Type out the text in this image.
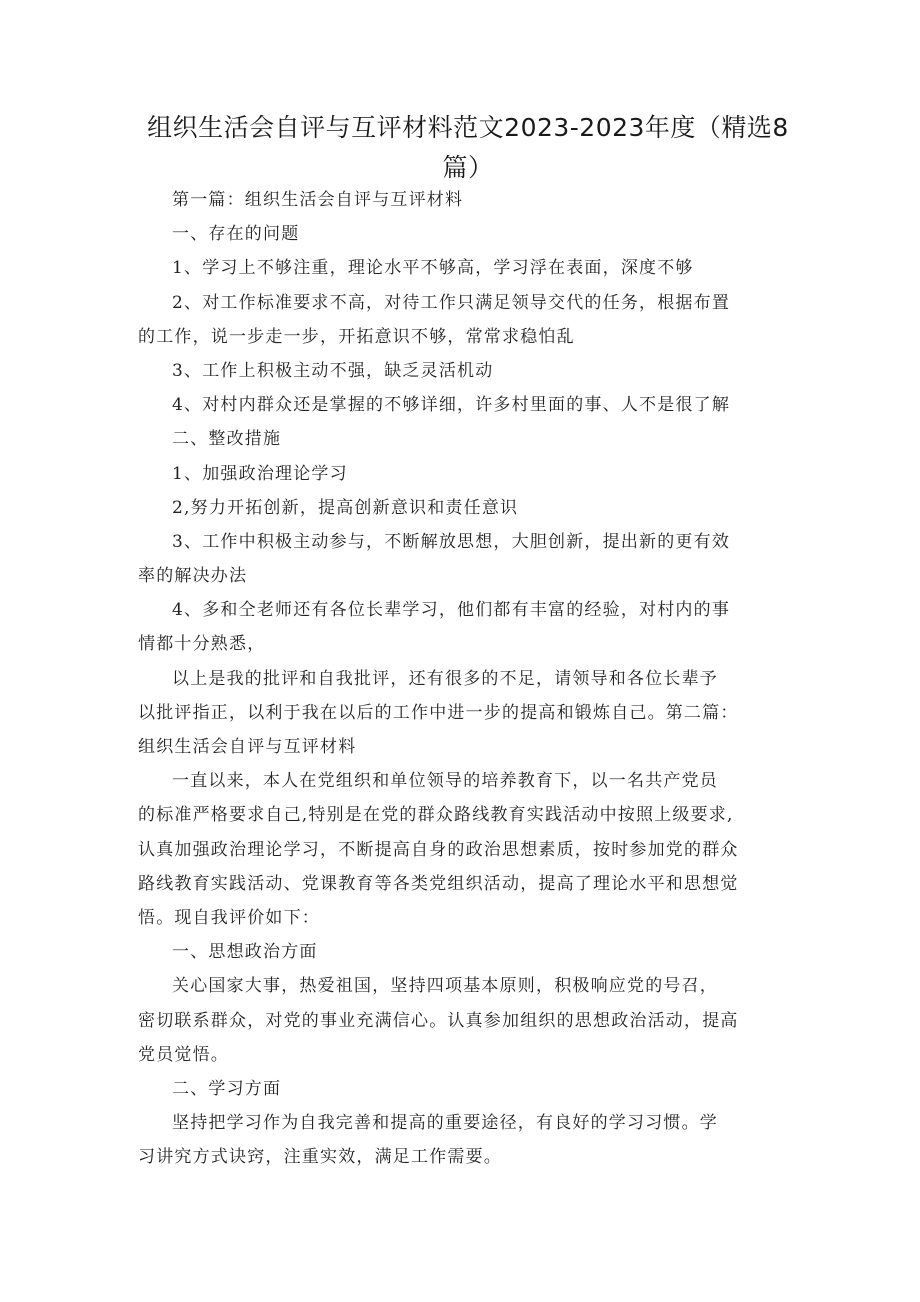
组织生活会自评与互评材料范文2023-2023年度（精选8
篇）
第一篇：组织生活会自评与互评材料
一、存在的问题
1、学习上不够注重，理论水平不够高，学习浮在表面，深度不够
2、对工作标准要求不高，对待工作只满足领导交代的任务，根据布置
的工作，说一步走一步，开拓意识不够，常常求稳怕乱
3、工作上积极主动不强，缺乏灵活机动
4、对村内群众还是掌握的不够详细，许多村里面的事、人不是很了解
二、整改措施
1、加强政治理论学习
2,努力开拓创新，提高创新意识和责任意识
3、工作中积极主动参与，不断解放思想，大胆创新，提出新的更有效
率的解决办法
4、多和仝老师还有各位长辈学习，他们都有丰富的经验，对村内的事
情都十分熟悉，
以上是我的批评和自我批评，还有很多的不足，请领导和各位长辈予
以批评指正，以利于我在以后的工作中进一步的提高和锻炼自己。第二篇：
组织生活会自评与互评材料
一直以来，本人在党组织和单位领导的培养教育下，以一名共产党员
的标准严格要求自己,特别是在党的群众路线教育实践活动中按照上级要求,
认真加强政治理论学习，不断提高自身的政治思想素质，按时参加党的群众
路线教育实践活动、党课教育等各类党组织活动，提高了理论水平和思想觉
悟。现自我评价如下：
一、思想政治方面
关心国家大事，热爱祖国，坚持四项基本原则，积极响应党的号召，
密切联系群众，对党的事业充满信心。认真参加组织的思想政治活动，提高
党员觉悟。
二、学习方面
坚持把学习作为自我完善和提高的重要途径，有良好的学习习惯。学
习讲究方式诀窍，注重实效，满足工作需要。
